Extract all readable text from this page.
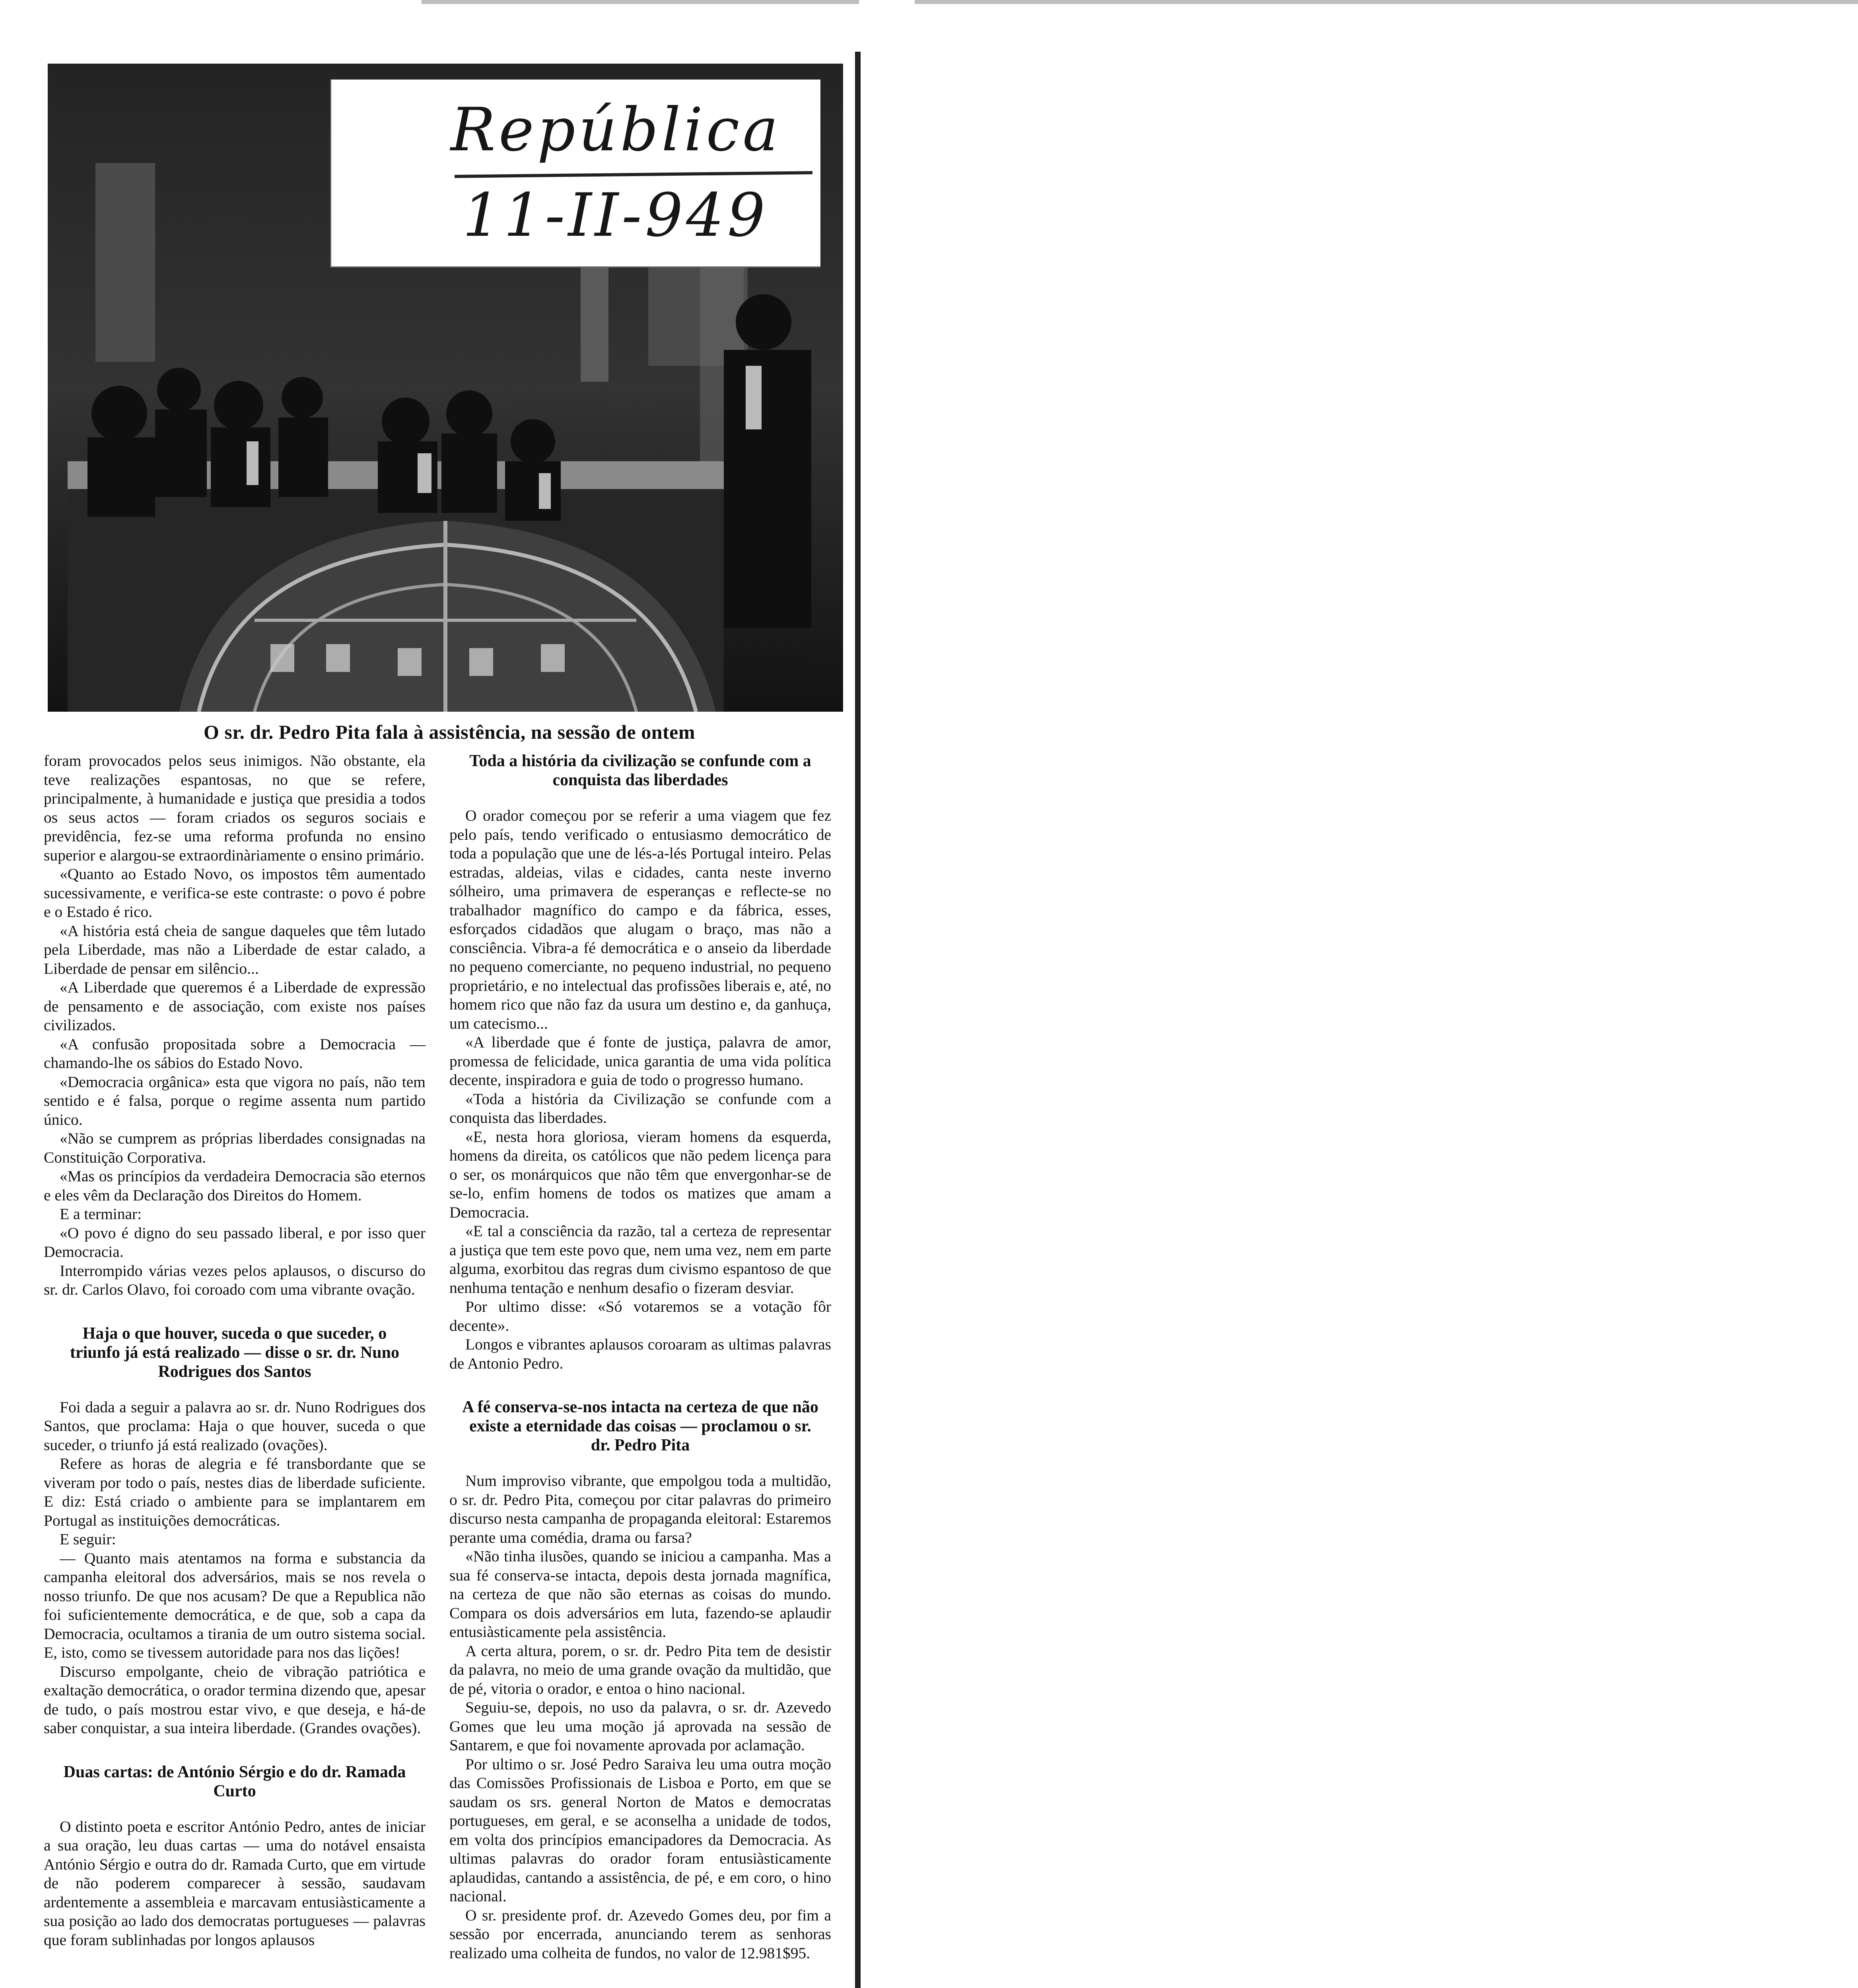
República
11-II-949
O sr. dr. Pedro Pita fala à assistência, na sessão de ontem

foram provocados pelos seus inimigos. Não obstante, ela teve realizações espantosas, no que se refere, principalmente, à humanidade e justiça que presidia a todos os seus actos — foram criados os seguros sociais e previdência, fez-se uma reforma profunda no ensino superior e alargou-se extraordinàriamente o ensino primário.

«Quanto ao Estado Novo, os impostos têm aumentado sucessivamente, e verifica-se este contraste: o povo é pobre e o Estado é rico.

«A história está cheia de sangue daqueles que têm lutado pela Liberdade, mas não a Liberdade de estar calado, a Liberdade de pensar em silêncio...

«A Liberdade que queremos é a Liberdade de expressão de pensamento e de associação, com existe nos países civilizados.

«A confusão propositada sobre a Democracia — chamando-lhe os sábios do Estado Novo.

«Democracia orgânica» esta que vigora no país, não tem sentido e é falsa, porque o regime assenta num partido único.

«Não se cumprem as próprias liberdades consignadas na Constituição Corporativa.

«Mas os princípios da verdadeira Democracia são eternos e eles vêm da Declaração dos Direitos do Homem.

E a terminar:

«O povo é digno do seu passado liberal, e por isso quer Democracia.

Interrompido várias vezes pelos aplausos, o discurso do sr. dr. Carlos Olavo, foi coroado com uma vibrante ovação.

Haja o que houver, suceda o que suceder, o triunfo já está realizado — disse o sr. dr. Nuno Rodrigues dos Santos

Foi dada a seguir a palavra ao sr. dr. Nuno Rodrigues dos Santos, que proclama: Haja o que houver, suceda o que suceder, o triunfo já está realizado (ovações).

Refere as horas de alegria e fé transbordante que se viveram por todo o país, nestes dias de liberdade suficiente. E diz: Está criado o ambiente para se implantarem em Portugal as instituições democráticas.

E seguir:

— Quanto mais atentamos na forma e substancia da campanha eleitoral dos adversários, mais se nos revela o nosso triunfo. De que nos acusam? De que a Republica não foi suficientemente democrática, e de que, sob a capa da Democracia, ocultamos a tirania de um outro sistema social. E, isto, como se tivessem autoridade para nos das lições!

Discurso empolgante, cheio de vibração patriótica e exaltação democrática, o orador termina dizendo que, apesar de tudo, o país mostrou estar vivo, e que deseja, e há-de saber conquistar, a sua inteira liberdade. (Grandes ovações).

Duas cartas: de António Sérgio e do dr. Ramada Curto

O distinto poeta e escritor António Pedro, antes de iniciar a sua oração, leu duas cartas — uma do notável ensaista António Sérgio e outra do dr. Ramada Curto, que em virtude de não poderem comparecer à sessão, saudavam ardentemente a assembleia e marcavam entusiàsticamente a sua posição ao lado dos democratas portugueses — palavras que foram sublinhadas por longos aplausos

Toda a história da civilização se confunde com a conquista das liberdades

O orador começou por se referir a uma viagem que fez pelo país, tendo verificado o entusiasmo democrático de toda a população que une de lés-a-lés Portugal inteiro. Pelas estradas, aldeias, vilas e cidades, canta neste inverno sólheiro, uma primavera de esperanças e reflecte-se no trabalhador magnífico do campo e da fábrica, esses, esforçados cidadãos que alugam o braço, mas não a consciência. Vibra-a fé democrática e o anseio da liberdade no pequeno comerciante, no pequeno industrial, no pequeno proprietário, e no intelectual das profissões liberais e, até, no homem rico que não faz da usura um destino e, da ganhuça, um catecismo...

«A liberdade que é fonte de justiça, palavra de amor, promessa de felicidade, unica garantia de uma vida política decente, inspiradora e guia de todo o progresso humano.

«Toda a história da Civilização se confunde com a conquista das liberdades.

«E, nesta hora gloriosa, vieram homens da esquerda, homens da direita, os católicos que não pedem licença para o ser, os monárquicos que não têm que envergonhar-se de se-lo, enfim homens de todos os matizes que amam a Democracia.

«E tal a consciência da razão, tal a certeza de representar a justiça que tem este povo que, nem uma vez, nem em parte alguma, exorbitou das regras dum civismo espantoso de que nenhuma tentação e nenhum desafio o fizeram desviar.

Por ultimo disse: «Só votaremos se a votação fôr decente».

Longos e vibrantes aplausos coroaram as ultimas palavras de Antonio Pedro.

A fé conserva-se-nos intacta na certeza de que não existe a eternidade das coisas — proclamou o sr. dr. Pedro Pita

Num improviso vibrante, que empolgou toda a multidão, o sr. dr. Pedro Pita, começou por citar palavras do primeiro discurso nesta campanha de propaganda eleitoral: Estaremos perante uma comédia, drama ou farsa?

«Não tinha ilusões, quando se iniciou a campanha. Mas a sua fé conserva-se intacta, depois desta jornada magnífica, na certeza de que não são eternas as coisas do mundo. Compara os dois adversários em luta, fazendo-se aplaudir entusiàsticamente pela assistência.

A certa altura, porem, o sr. dr. Pedro Pita tem de desistir da palavra, no meio de uma grande ovação da multidão, que de pé, vitoria o orador, e entoa o hino nacional.

Seguiu-se, depois, no uso da palavra, o sr. dr. Azevedo Gomes que leu uma moção já aprovada na sessão de Santarem, e que foi novamente aprovada por aclamação.

Por ultimo o sr. José Pedro Saraiva leu uma outra moção das Comissões Profissionais de Lisboa e Porto, em que se saudam os srs. general Norton de Matos e democratas portugueses, em geral, e se aconselha a unidade de todos, em volta dos princípios emancipadores da Democracia. As ultimas palavras do orador foram entusiàsticamente aplaudidas, cantando a assistência, de pé, e em coro, o hino nacional.

O sr. presidente prof. dr. Azevedo Gomes deu, por fim a sessão por encerrada, anunciando terem as senhoras realizado uma colheita de fundos, no valor de 12.981$95.
